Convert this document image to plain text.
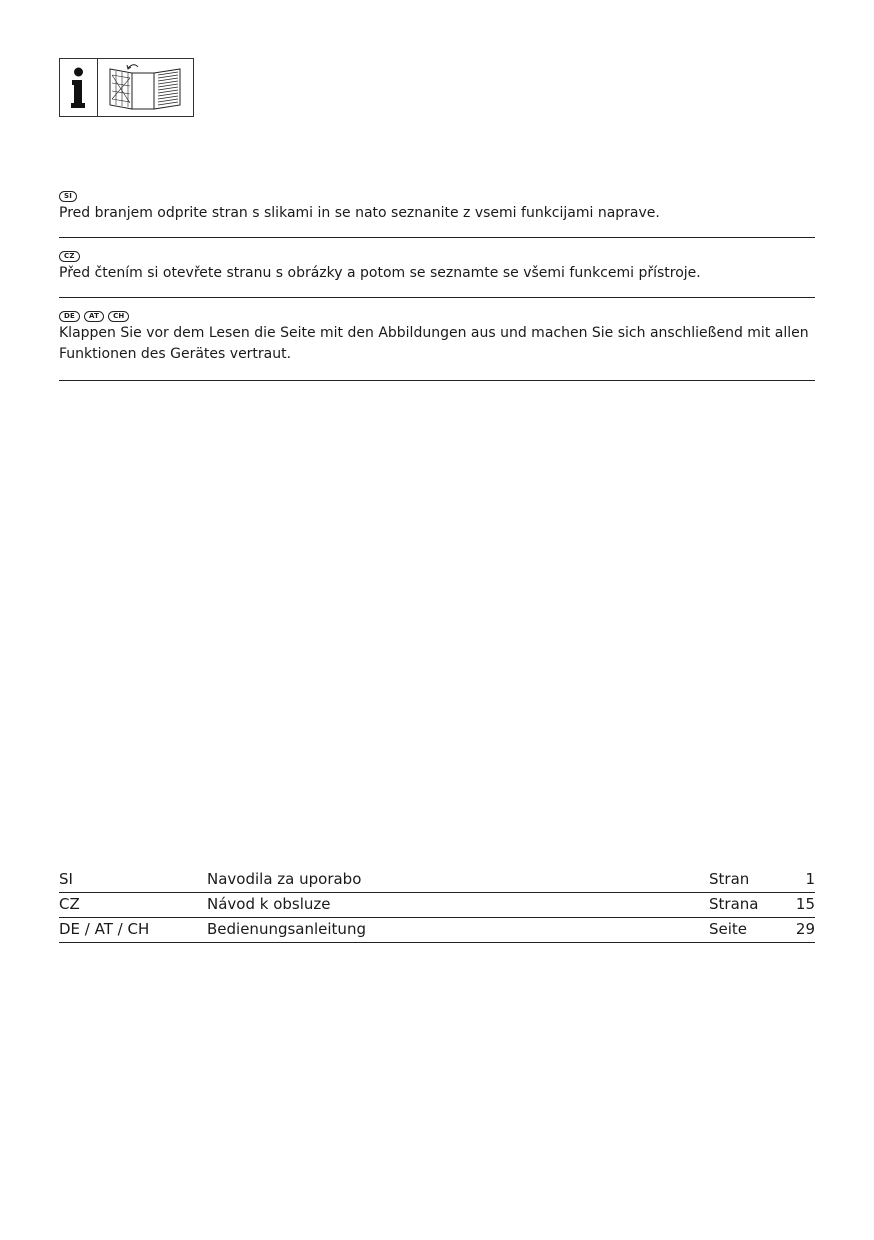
SI

Pred branjem odprite stran s slikami in se nato seznanite z vsemi funkcijami naprave.

CZ

Před čtením si otevřete stranu s obrázky a potom se seznamte se všemi funkcemi přístroje.

DE	AT	CH

Klappen Sie vor dem Lesen die Seite mit den Abbildungen aus und machen Sie sich anschließend mit allen Funktionen des Gerätes vertraut.

SI	Navodila za uporabo	Stran	1
CZ	Návod k obsluze	Strana 15
DE / AT / CH	Bedienungsanleitung	Seite	29
